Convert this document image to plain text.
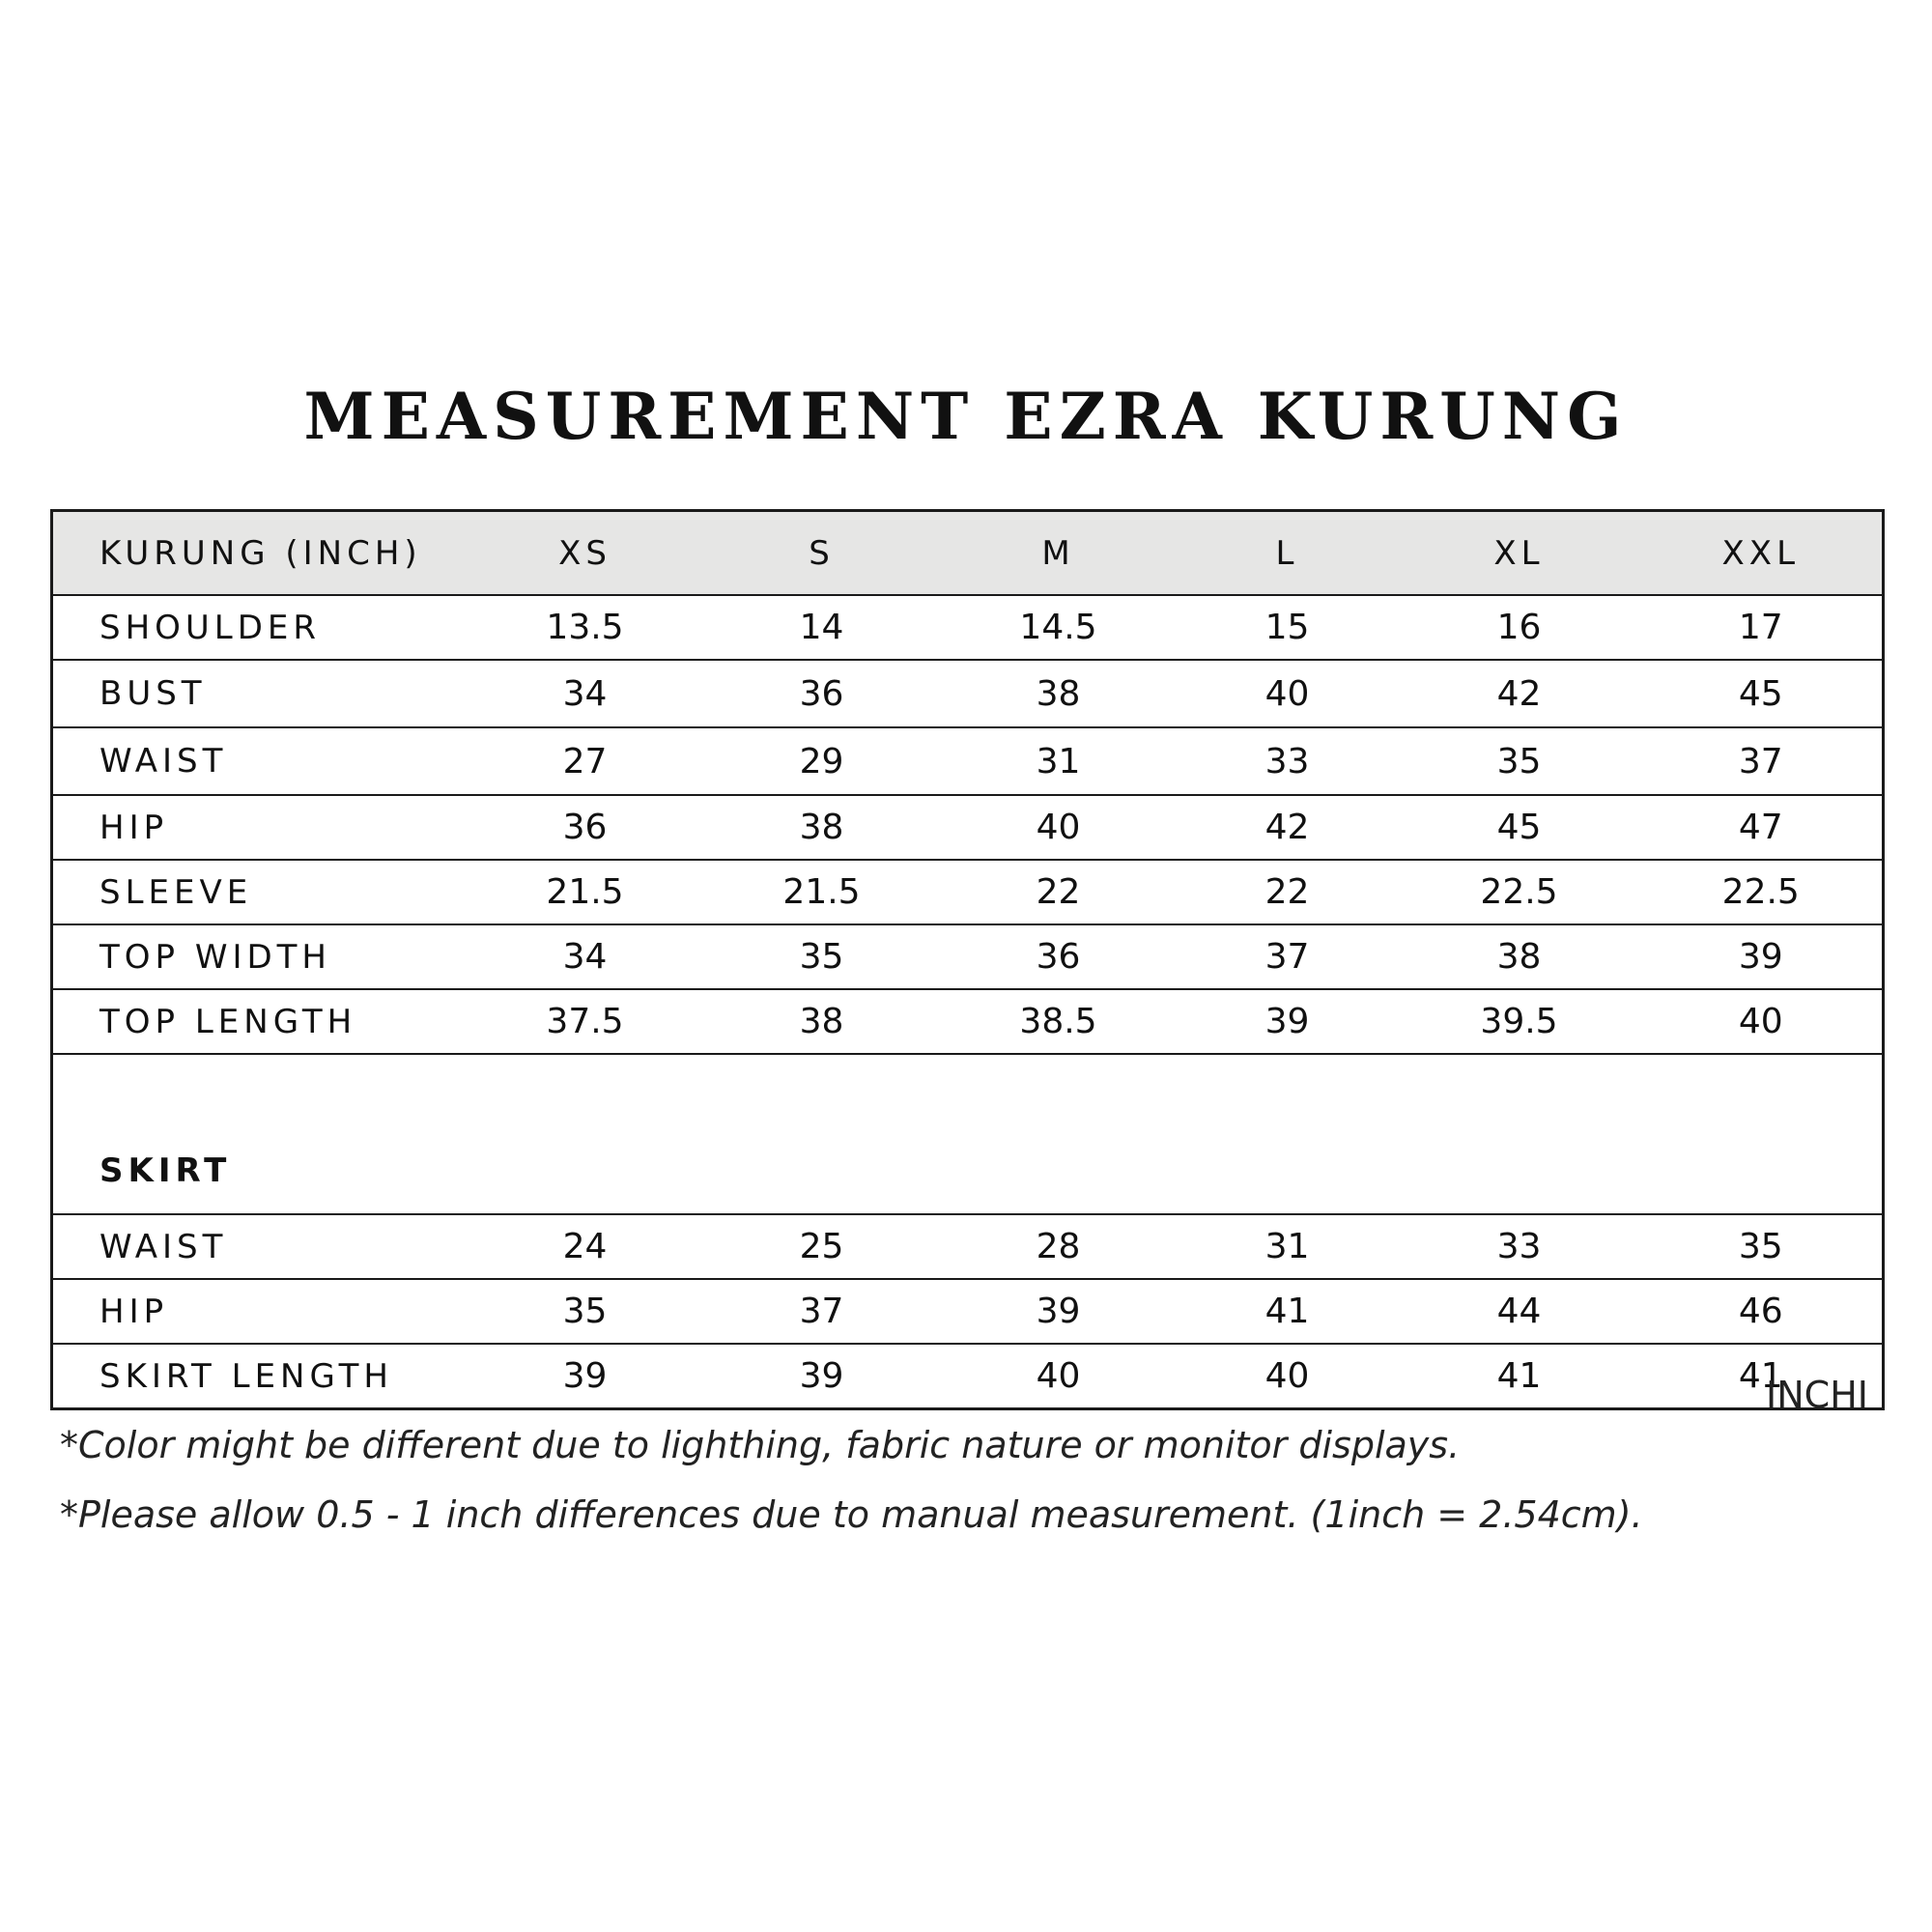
MEASUREMENT EZRA KURUNG
KURUNG (INCH)	XS	S	M	L	XL	XXL
SHOULDER	13.5	14	14.5	15	16	17
BUST	34	36	38	40	42	45
WAIST	27	29	31	33	35	37
HIP	36	38	40	42	45	47
SLEEVE	21.5	21.5	22	22	22.5	22.5
TOP WIDTH	34	35	36	37	38	39
TOP LENGTH	37.5	38	38.5	39	39.5	40
SKIRT						
WAIST	24	25	28	31	33	35
HIP	35	37	39	41	44	46
SKIRT LENGTH	39	39	40	40	41	41
INCHI
*Color might be different due to lighthing, fabric nature or monitor displays.
*Please allow 0.5 - 1 inch differences due to manual measurement. (1inch = 2.54cm).
